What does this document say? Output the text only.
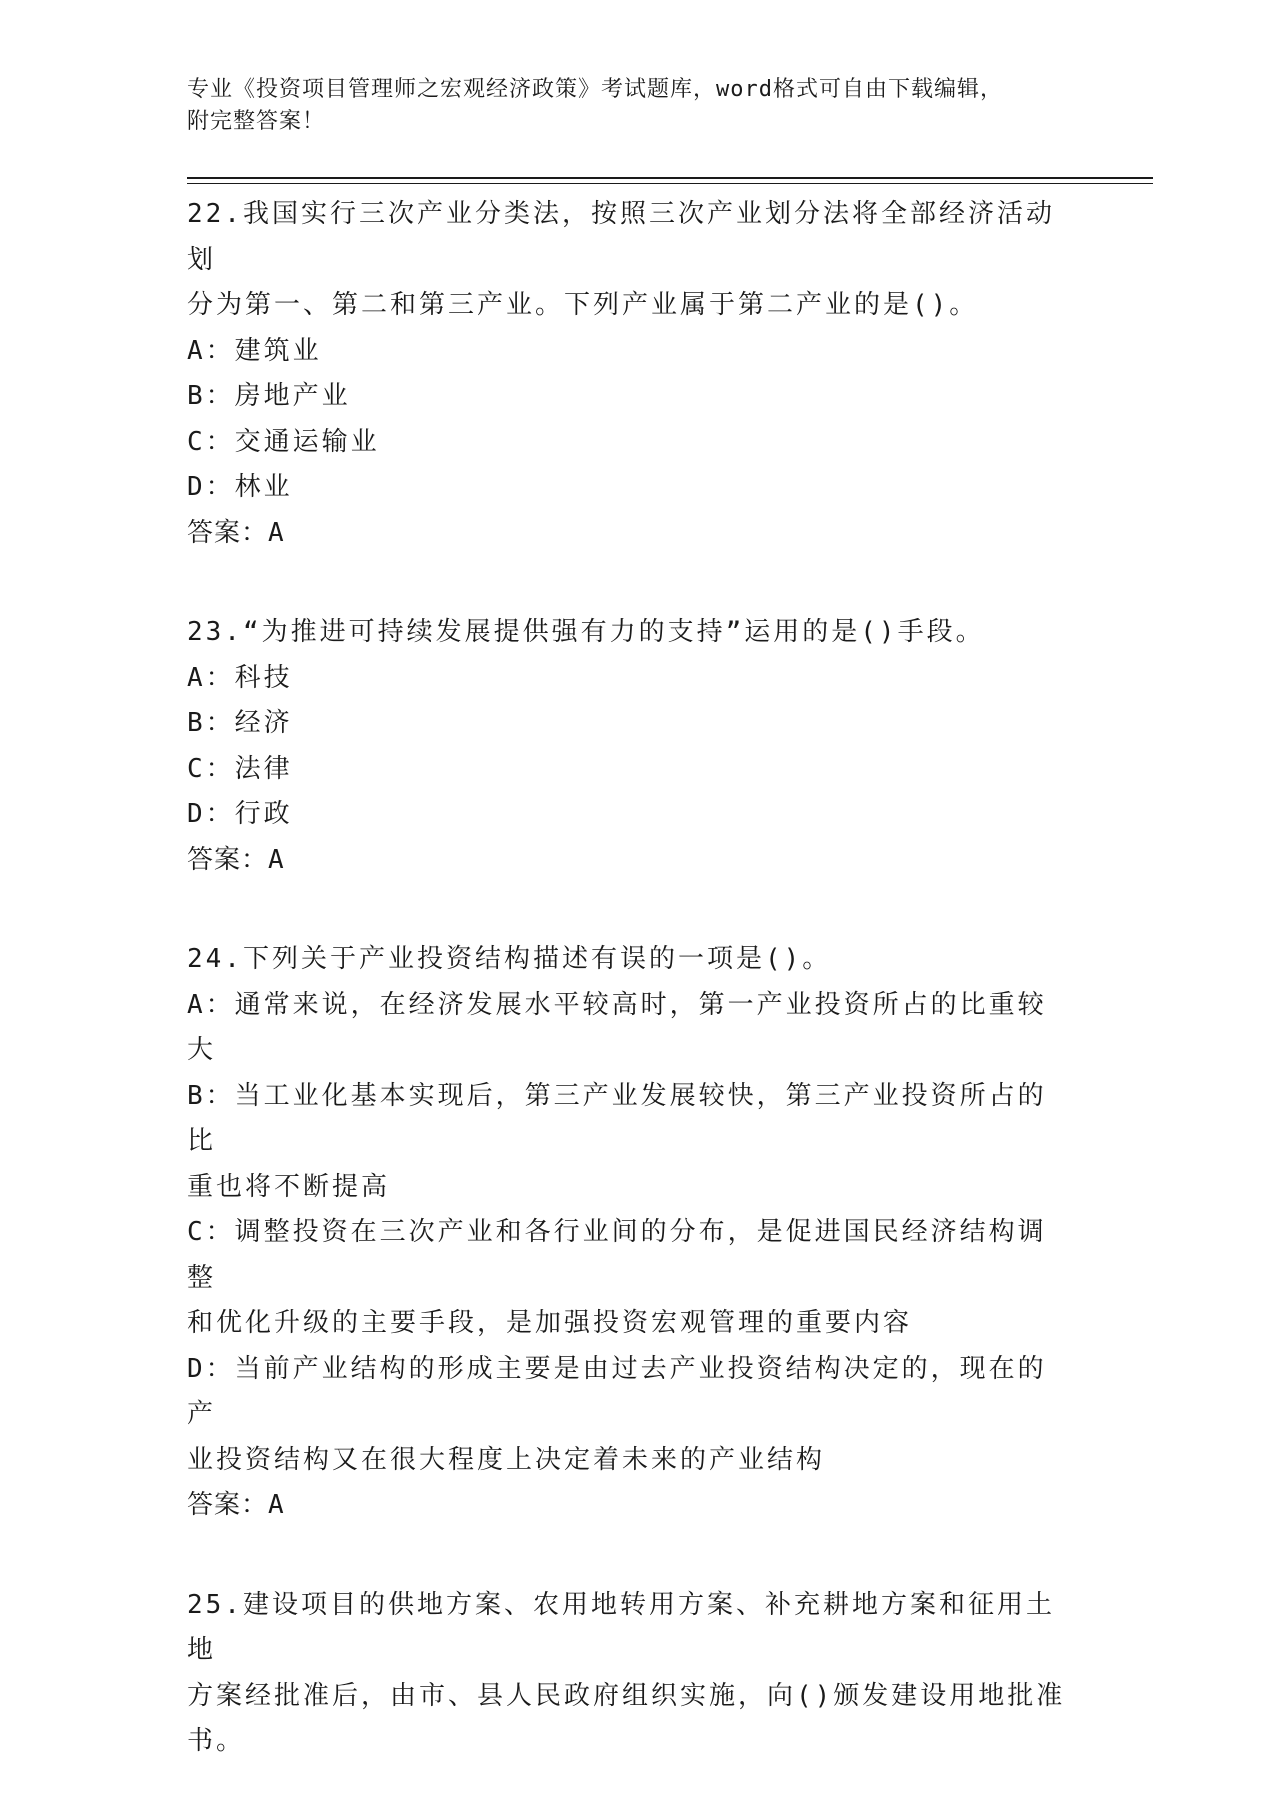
专业《投资项目管理师之宏观经济政策》考试题库，word格式可自由下载编辑，
附完整答案！

22.我国实行三次产业分类法，按照三次产业划分法将全部经济活动划

分为第一、第二和第三产业。下列产业属于第二产业的是()。

A：建筑业

B：房地产业

C：交通运输业

D：林业

答案：A

23.“为推进可持续发展提供强有力的支持”运用的是()手段。

A：科技

B：经济

C：法律

D：行政

答案：A

24.下列关于产业投资结构描述有误的一项是()。

A：通常来说，在经济发展水平较高时，第一产业投资所占的比重较大

B：当工业化基本实现后，第三产业发展较快，第三产业投资所占的比

重也将不断提高

C：调整投资在三次产业和各行业间的分布，是促进国民经济结构调整

和优化升级的主要手段，是加强投资宏观管理的重要内容

D：当前产业结构的形成主要是由过去产业投资结构决定的，现在的产

业投资结构又在很大程度上决定着未来的产业结构

答案：A

25.建设项目的供地方案、农用地转用方案、补充耕地方案和征用土地

方案经批准后，由市、县人民政府组织实施，向()颁发建设用地批准

书。
